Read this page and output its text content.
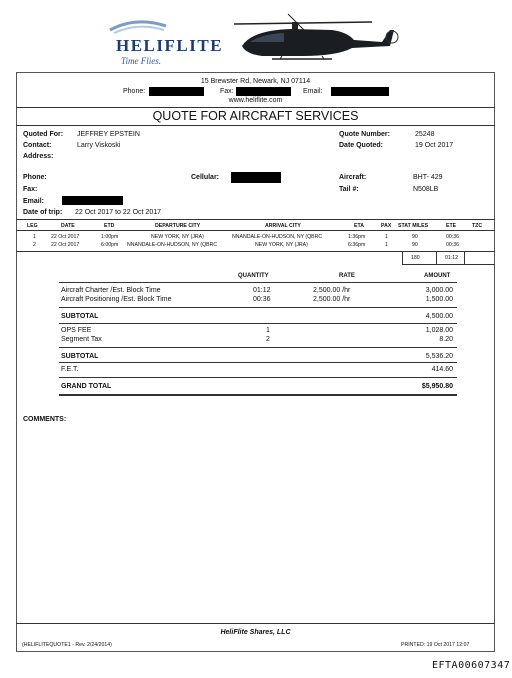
HELIFLITE
Time Flies.
15 Brewster Rd, Newark, NJ 07114
Phone:	Fax:	Email:
www.heliflite.com
QUOTE FOR AIRCRAFT SERVICES
Quoted For: JEFFREY EPSTEIN
Contact:	Larry Viskoski
Address:
Quote Number:	25248
Date Quoted:	19 Oct 2017
Phone:	Cellular:	Aircraft:	BHT- 429
Fax:	Tail #:	N508LB
Email:
Date of trip: 22 Oct 2017 to 22 Oct 2017
LEG	DATE	ETD	DEPARTURE CITY	ARRIVAL CITY	ETA	PAX STAT MILES	ETE	TZC
1	22 Oct 2017	1:00pm	NEW YORK, NY (JRA)	NNANDALE-ON-HUDSON, NY (QBRC	1:36pm	1	90	00:36
2	22 Oct 2017	6:00pm NNANDALE-ON-HUDSON, NY (QBRC	NEW YORK, NY (JRA)	6:36pm	1	90	00:36
180	01:12
QUANTITY	RATE	AMOUNT
Aircraft Charter /Est. Block Time	01:12	2,500.00 /hr	3,000.00
Aircraft Positioning /Est. Block Time	00:36	2,500.00 /hr	1,500.00
SUBTOTAL	4,500.00
OPS FEE	1	1,028.00
Segment Tax	2	8.20
SUBTOTAL	5,536.20
F.E.T.	414.60
GRAND TOTAL	$5,950.80
COMMENTS:
HeliFlite Shares, LLC
(HELIFLITEQUOTE1 - Rev. 2/24/2014)	PRINTED: 19 Oct 2017 12:07
EFTA00607347
